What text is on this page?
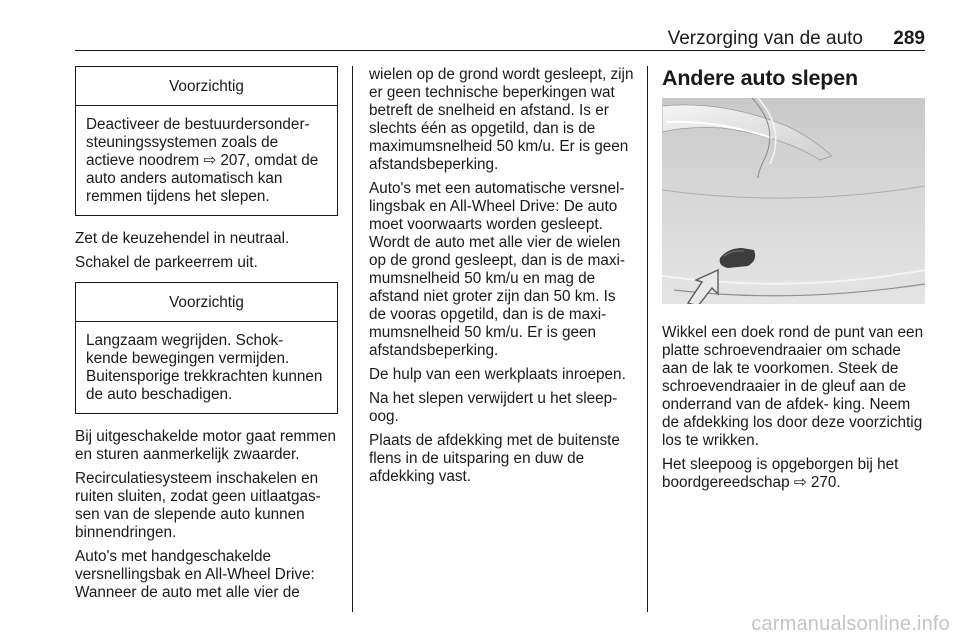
Verzorging van de auto 289
Voorzichtig
Deactiveer de bestuurdersonder- steuningssystemen zoals de actieve noodrem ⇨ 207, omdat de auto anders automatisch kan remmen tijdens het slepen.

Zet de keuzehendel in neutraal.

Schakel de parkeerrem uit.

Voorzichtig
Langzaam wegrijden. Schok- kende bewegingen vermijden. Buitensporige trekkrachten kunnen de auto beschadigen.

Bij uitgeschakelde motor gaat remmen en sturen aanmerkelijk zwaarder.

Recirculatiesysteem inschakelen en ruiten sluiten, zodat geen uitlaatgas- sen van de slepende auto kunnen binnendringen.

Auto's met handgeschakelde versnellingsbak en All-Wheel Drive: Wanneer de auto met alle vier de

wielen op de grond wordt gesleept, zijn er geen technische beperkingen wat betreft de snelheid en afstand. Is er slechts één as opgetild, dan is de maximumsnelheid 50 km/u. Er is geen afstandsbeperking.

Auto's met een automatische versnel- lingsbak en All-Wheel Drive: De auto moet voorwaarts worden gesleept. Wordt de auto met alle vier de wielen op de grond gesleept, dan is de maxi- mumsnelheid 50 km/u en mag de afstand niet groter zijn dan 50 km. Is de vooras opgetild, dan is de maxi- mumsnelheid 50 km/u. Er is geen afstandsbeperking.

De hulp van een werkplaats inroepen.

Na het slepen verwijdert u het sleep- oog.

Plaats de afdekking met de buitenste flens in de uitsparing en duw de afdekking vast.

Andere auto slepen

Wikkel een doek rond de punt van een platte schroevendraaier om schade aan de lak te voorkomen. Steek de schroevendraaier in de gleuf aan de onderrand van de afdek- king. Neem de afdekking los door deze voorzichtig los te wrikken.

Het sleepoog is opgeborgen bij het boordgereedschap ⇨ 270.

carmanualsonline.info
